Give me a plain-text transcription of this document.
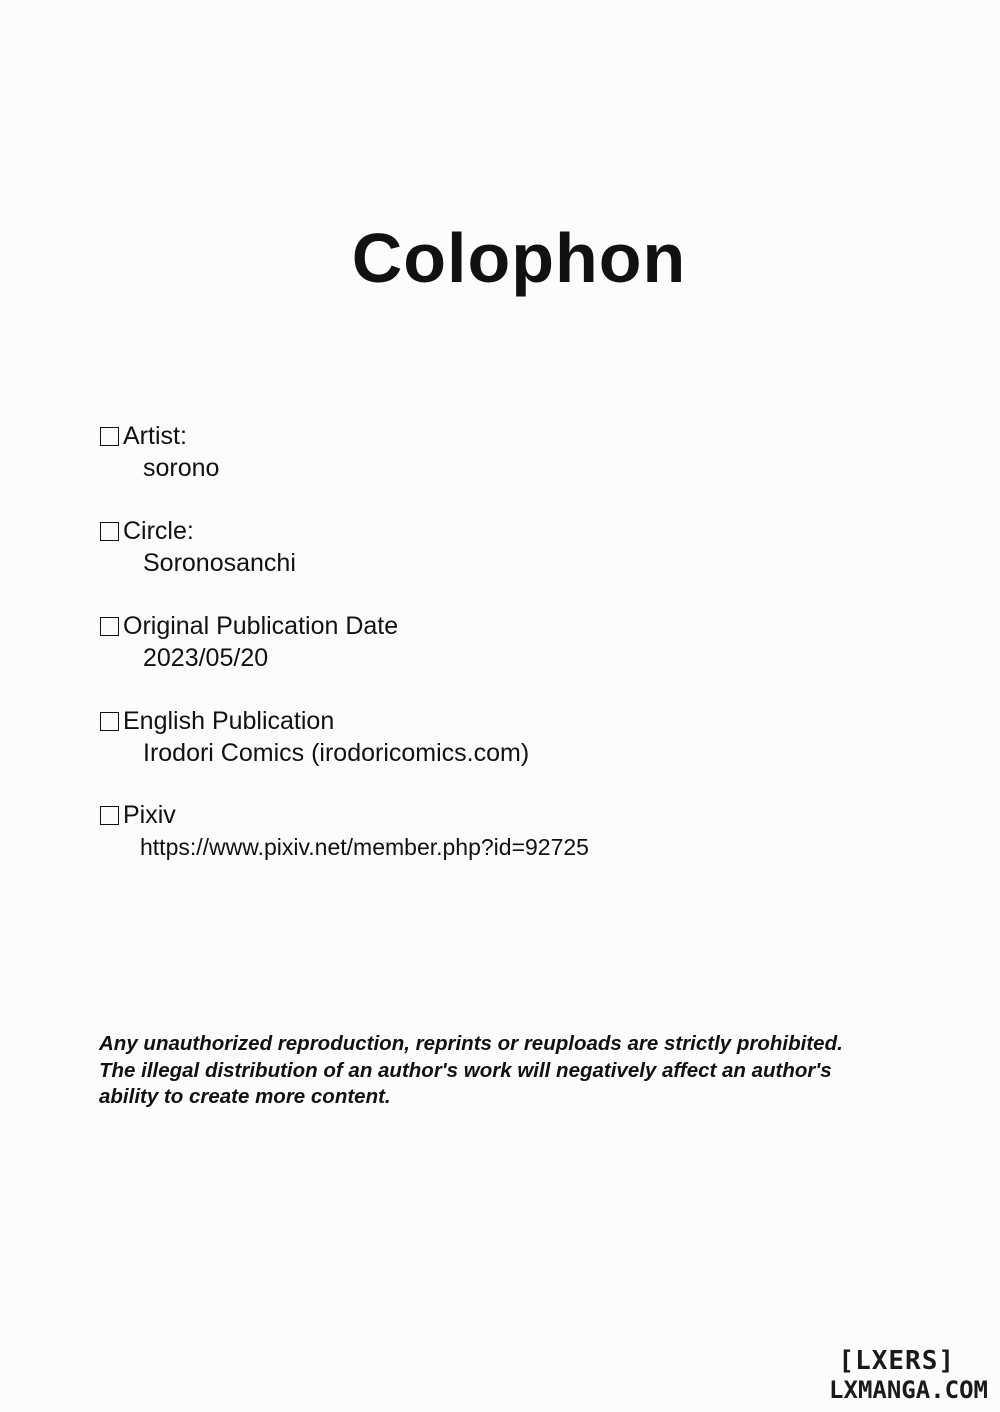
Colophon
Artist:
sorono
Circle:
Soronosanchi
Original Publication Date
2023/05/20
English Publication
Irodori Comics (irodoricomics.com)
Pixiv
https://www.pixiv.net/member.php?id=92725
Any unauthorized reproduction, reprints or reuploads are strictly prohibited.
The illegal distribution of an author's work will negatively affect an author's
ability to create more content.
[LXERS]
LXMANGA.COM
